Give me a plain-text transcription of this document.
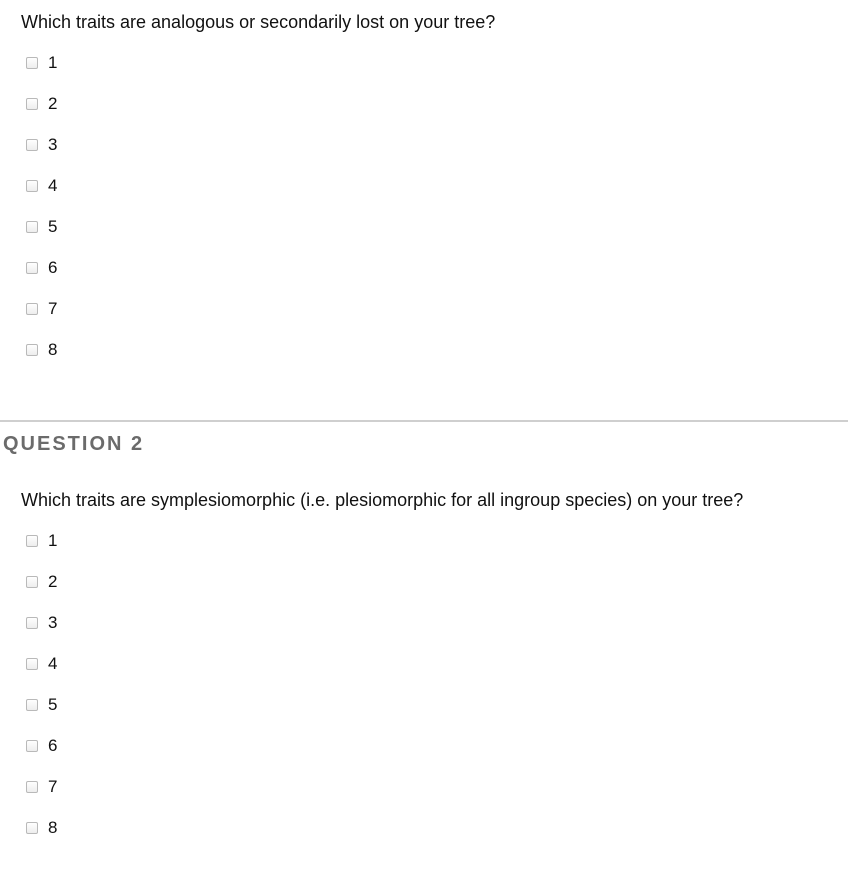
Which traits are analogous or secondarily lost on your tree?
1
2
3
4
5
6
7
8
QUESTION 2
Which traits are symplesiomorphic (i.e. plesiomorphic for all ingroup species) on your tree?
1
2
3
4
5
6
7
8
